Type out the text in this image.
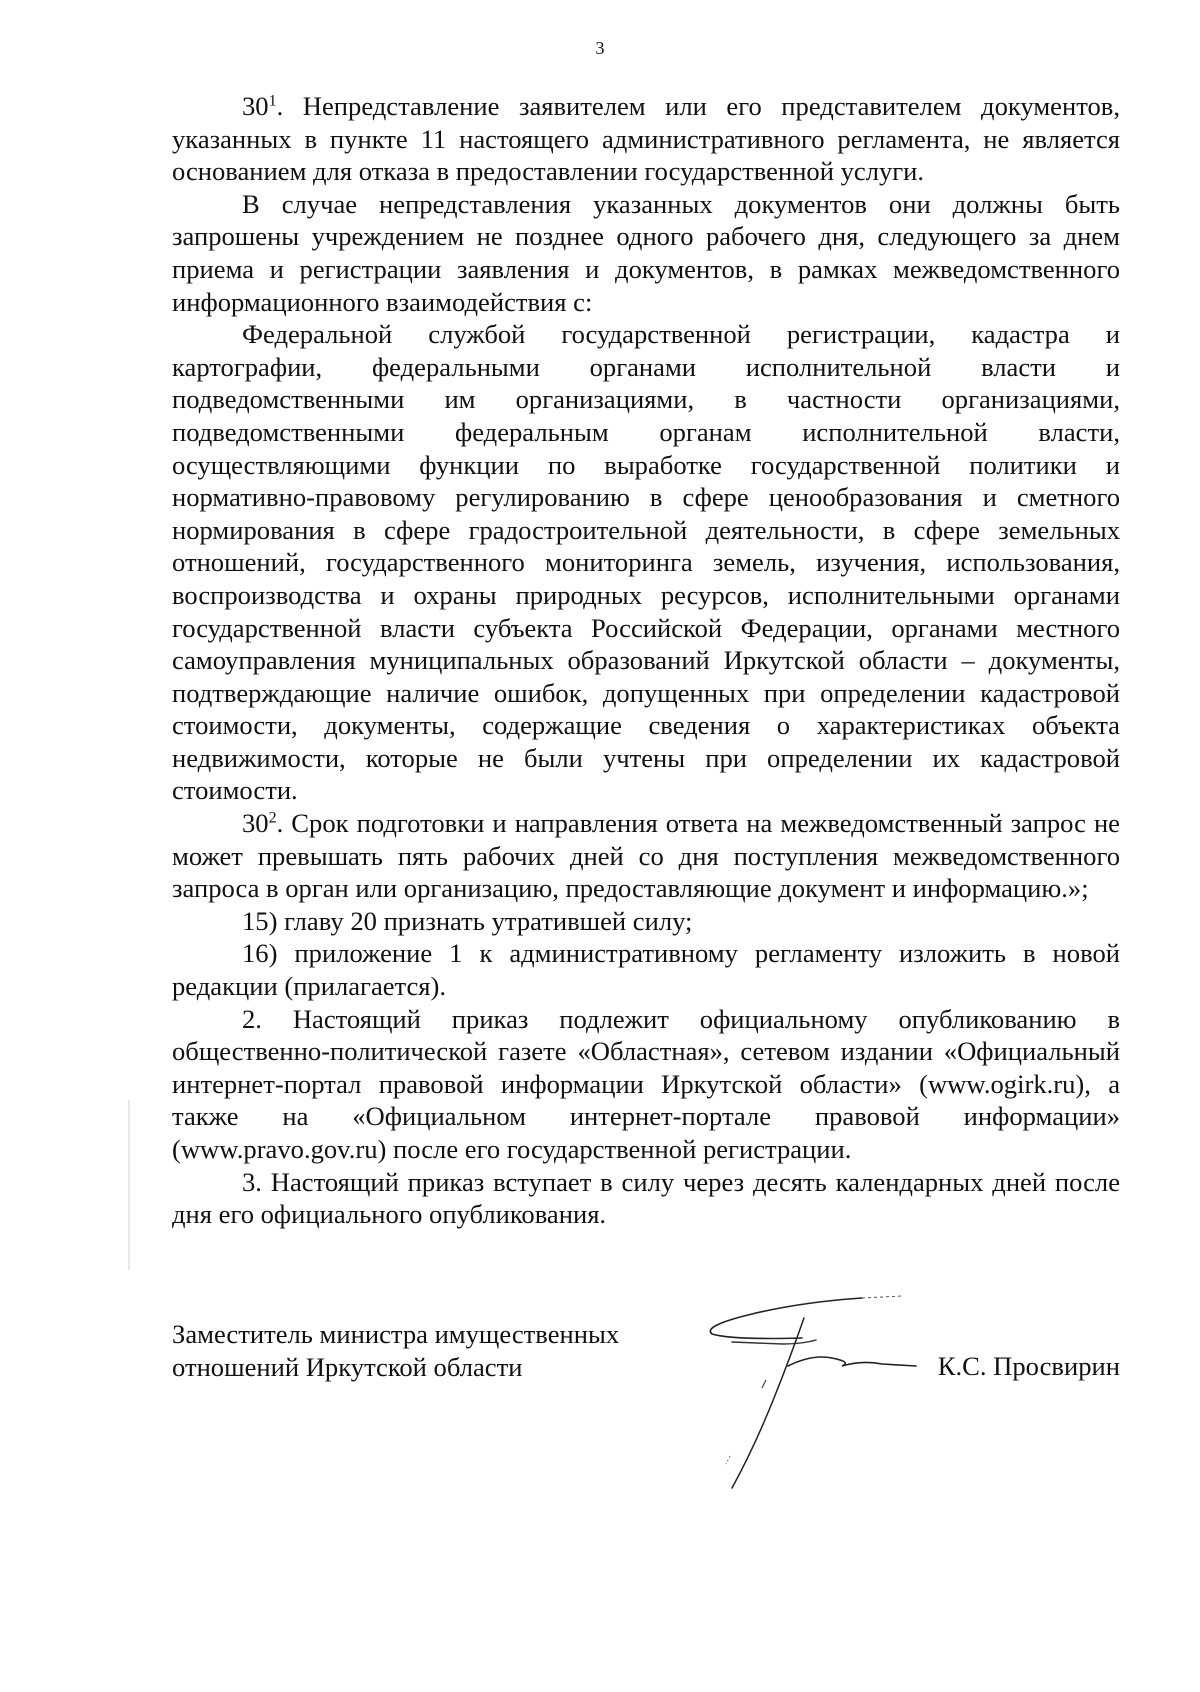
3

$30^1$. Непредставление заявителем или его представителем документов, указанных в пункте 11 настоящего административного регламента, не является основанием для отказа в предоставлении государственной услуги.

В случае непредставления указанных документов они должны быть запрошены учреждением не позднее одного рабочего дня, следующего за днем приема и регистрации заявления и документов, в рамках межведомственного информационного взаимодействия с:

Федеральной службой государственной регистрации, кадастра и картографии, федеральными органами исполнительной власти и подведомственными им организациями, в частности организациями, подведомственными федеральным органам исполнительной власти, осуществляющими функции по выработке государственной политики и нормативно-правовому регулированию в сфере ценообразования и сметного нормирования в сфере градостроительной деятельности, в сфере земельных отношений, государственного мониторинга земель, изучения, использования, воспроизводства и охраны природных ресурсов, исполнительными органами государственной власти субъекта Российской Федерации, органами местного самоуправления муниципальных образований Иркутской области – документы, подтверждающие наличие ошибок, допущенных при определении кадастровой стоимости, документы, содержащие сведения о характеристиках объекта недвижимости, которые не были учтены при определении их кадастровой стоимости.

$30^2$. Срок подготовки и направления ответа на межведомственный запрос не может превышать пять рабочих дней со дня поступления межведомственного запроса в орган или организацию, предоставляющие документ и информацию.»;

15) главу 20 признать утратившей силу;

16) приложение 1 к административному регламенту изложить в новой редакции (прилагается).

2. Настоящий приказ подлежит официальному опубликованию в общественно-политической газете «Областная», сетевом издании «Официальный интернет-портал правовой информации Иркутской области» (www.ogirk.ru), а также на «Официальном интернет-портале правовой информации» (www.pravo.gov.ru) после его государственной регистрации.

3. Настоящий приказ вступает в силу через десять календарных дней после дня его официального опубликования.

Заместитель министра имущественных
отношений Иркутской области	К.С. Просвирин
